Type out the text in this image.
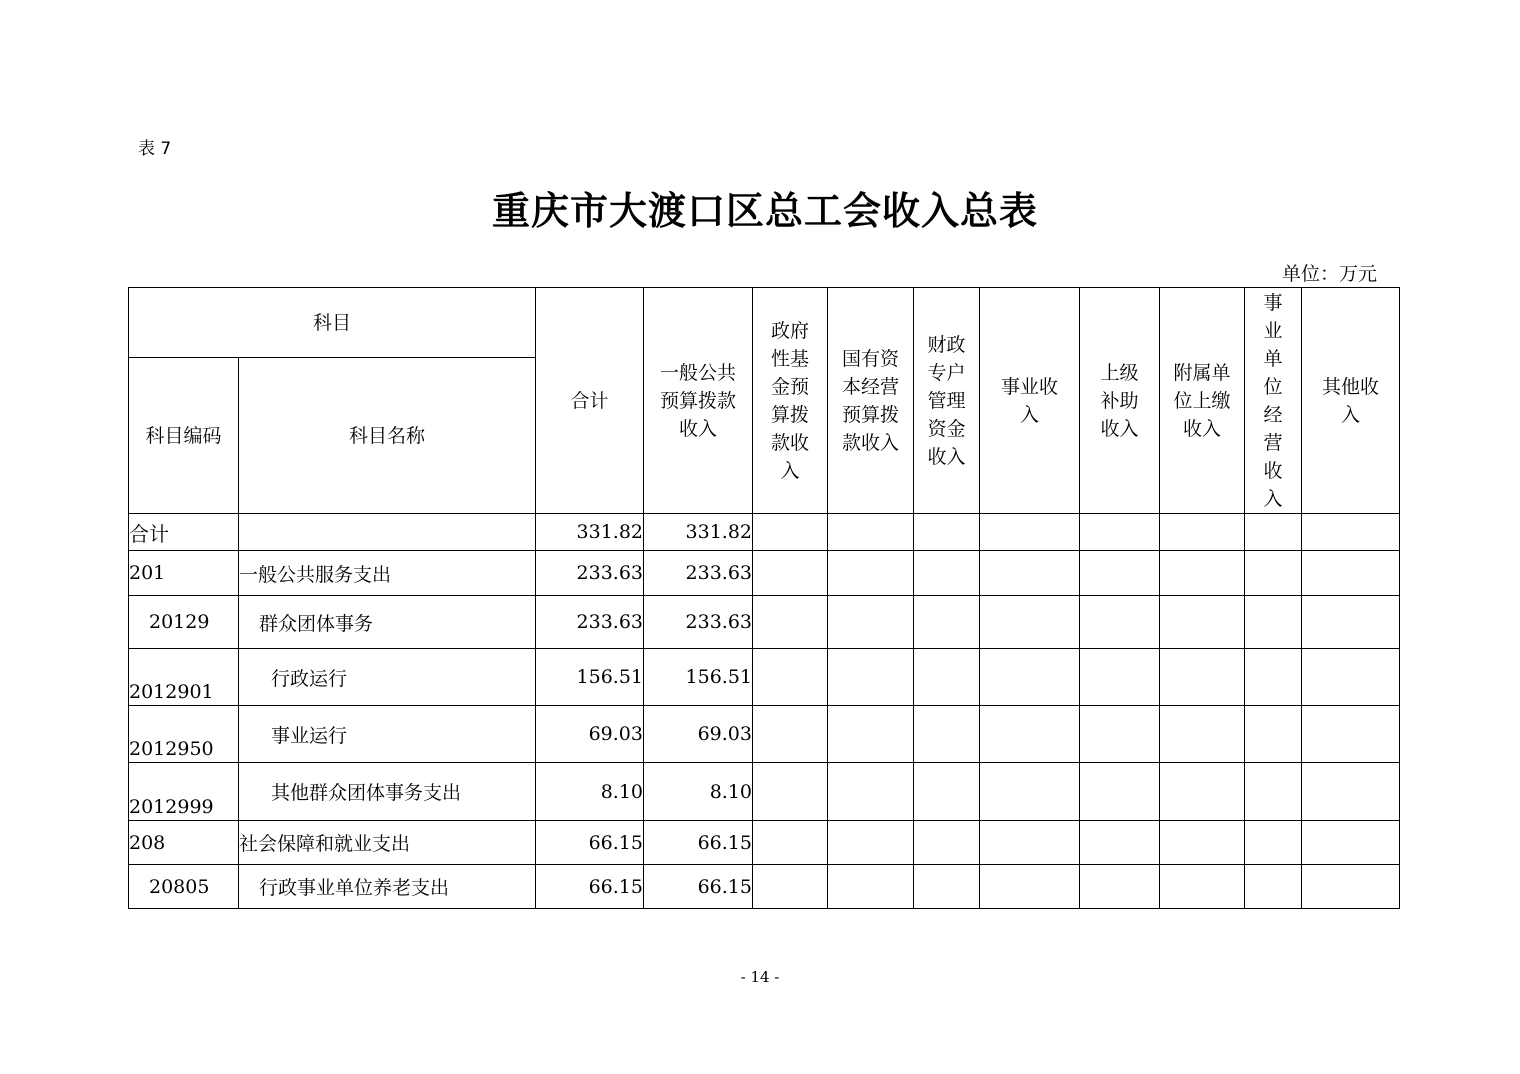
表 7
重庆市大渡口区总工会收入总表
单位：万元
科目		合计	一般公共预算拨款收入	政府性基金预算拨款收入	国有资本经营预算拨款收入	财政专户管理资金收入	事业收入	上级补助收入	附属单位上缴收入	事业单位经营收入	其他收入
科目编码	科目名称										
合计		331.82	331.82								
201	一般公共服务支出	233.63	233.63								
20129	群众团体事务	233.63	233.63								
2012901	行政运行	156.51	156.51								
2012950	事业运行	69.03	69.03								
2012999	其他群众团体事务支出	8.10	8.10								
208	社会保障和就业支出	66.15	66.15								
20805	行政事业单位养老支出	66.15	66.15								
- 14 -
